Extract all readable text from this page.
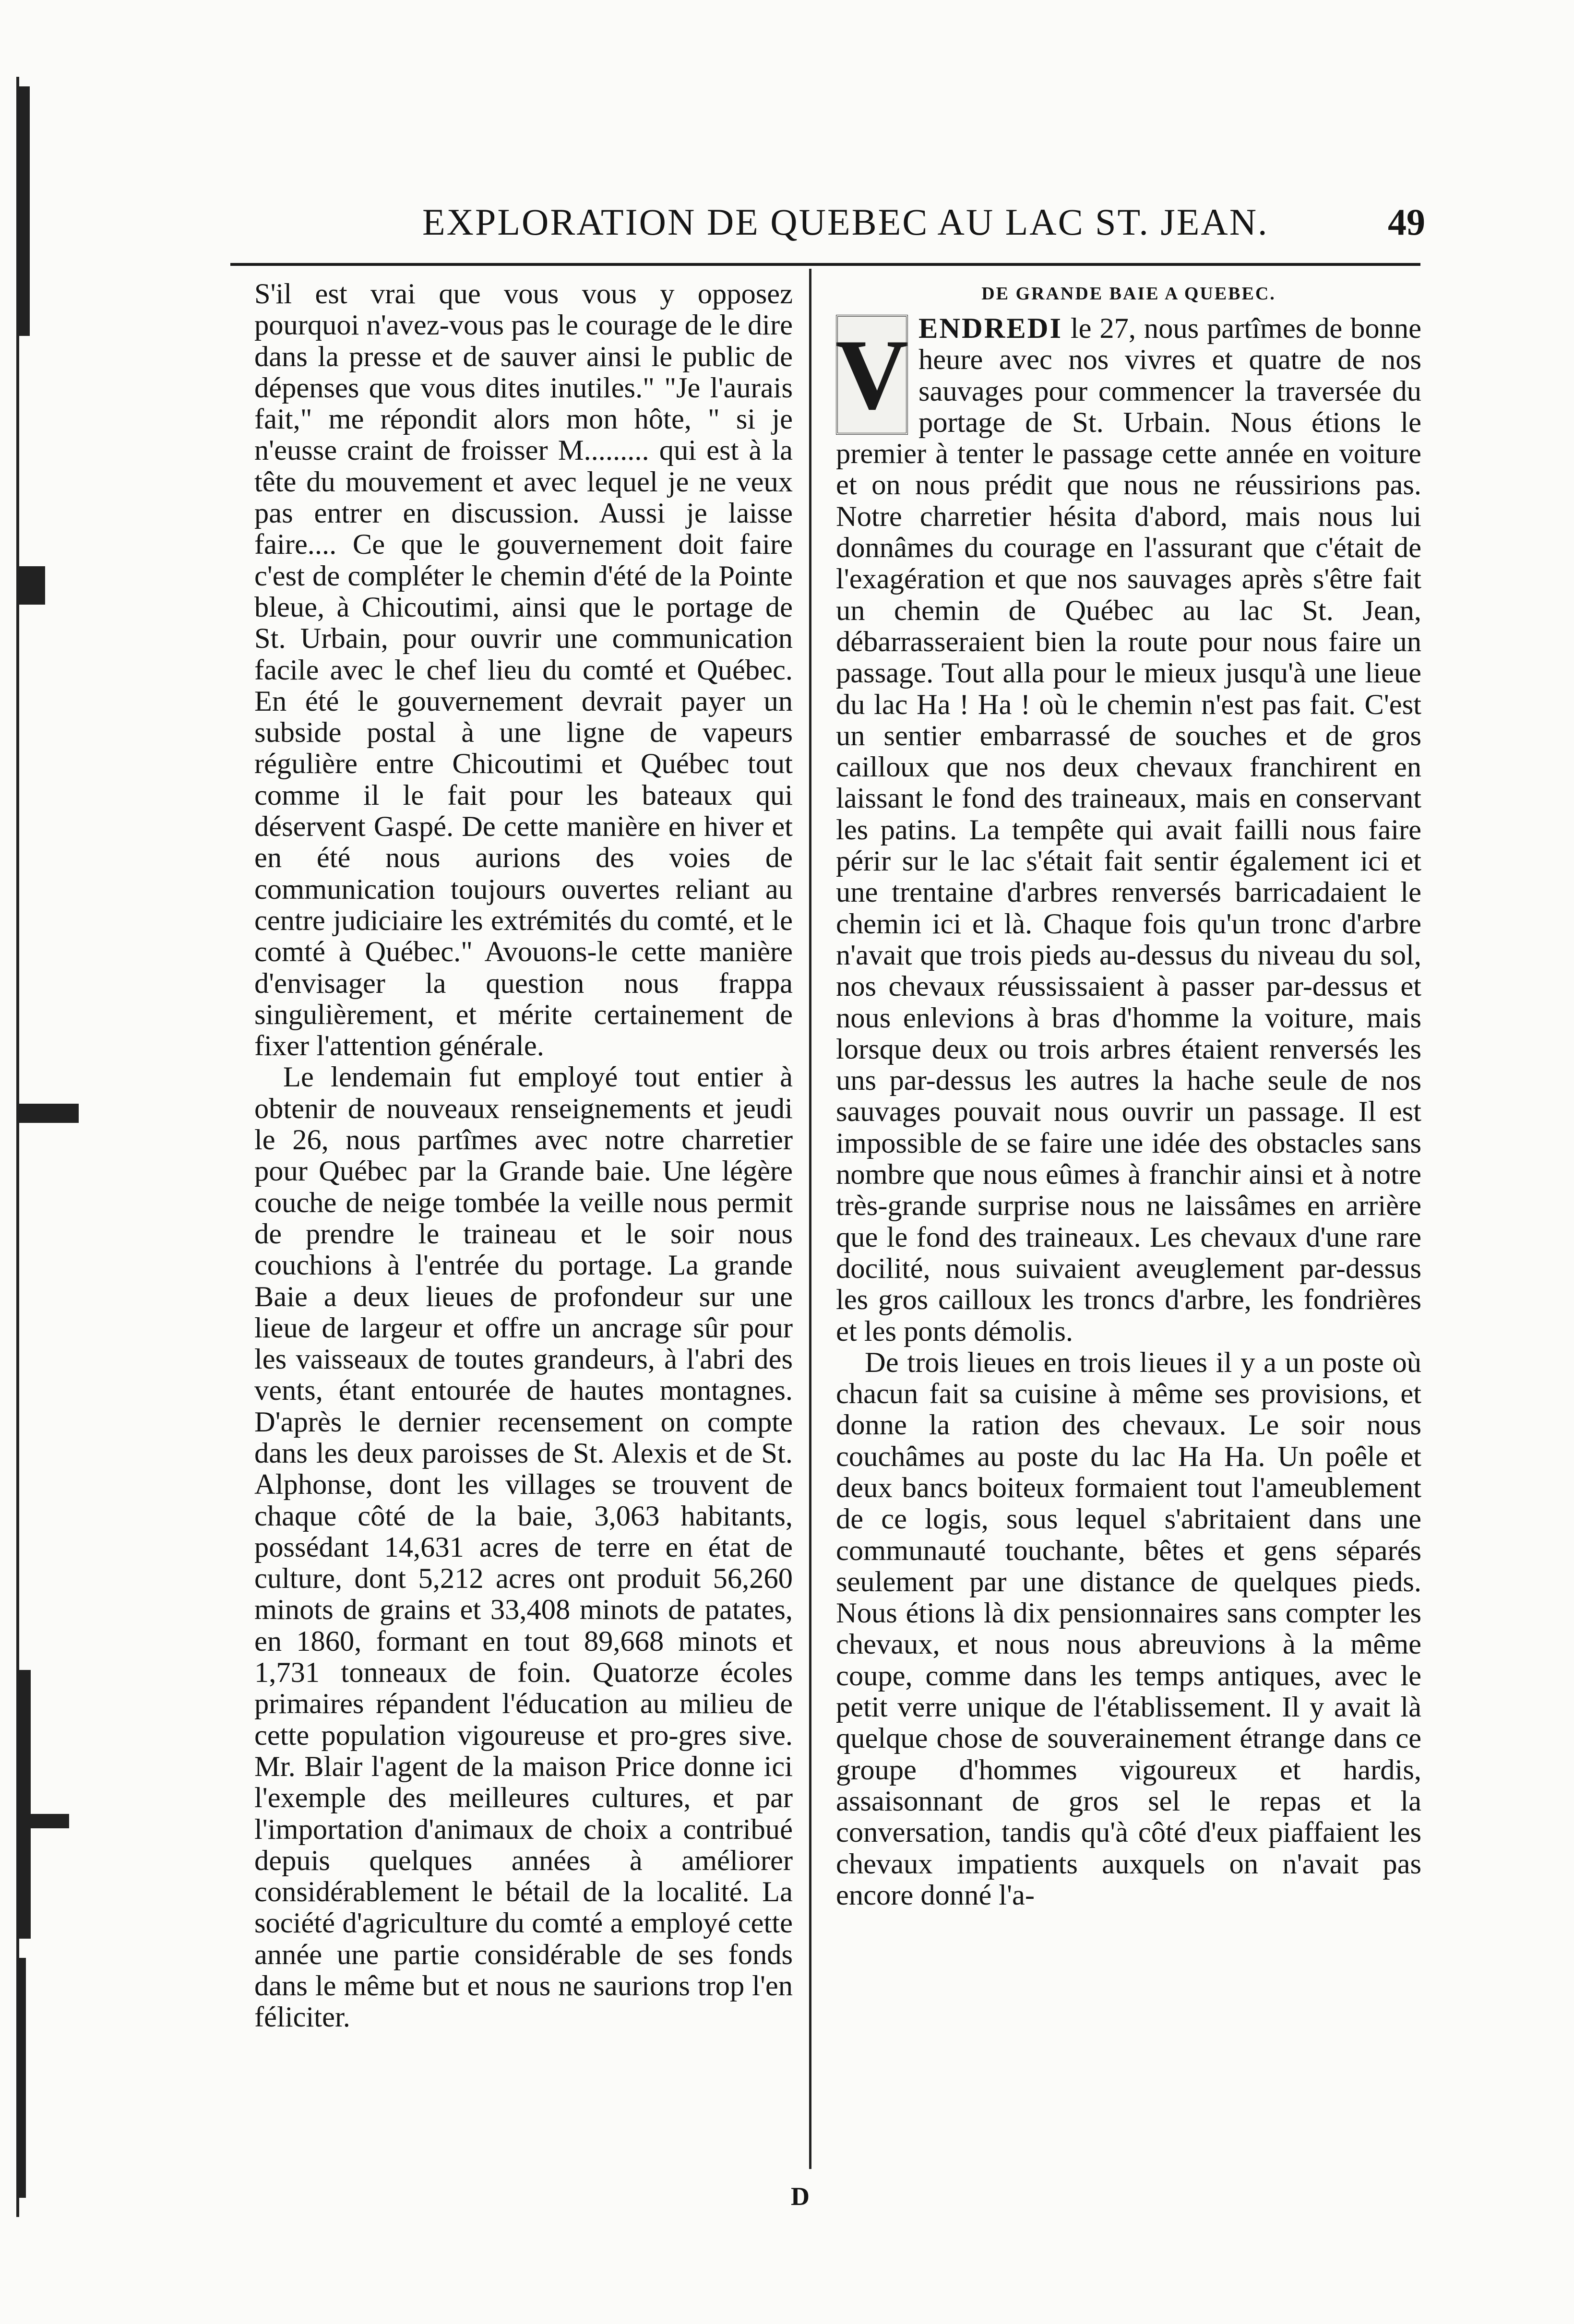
EXPLORATION DE QUEBEC AU LAC ST. JEAN.	49

S'il est vrai que vous vous y opposez pourquoi n'avez-vous pas le courage de le dire dans la presse et de sauver ainsi le public de dépenses que vous dites inutiles." "Je l'aurais fait," me répondit alors mon hôte, " si je n'eusse craint de froisser M......... qui est à la tête du mouvement et avec lequel je ne veux pas entrer en discussion. Aussi je laisse faire.... Ce que le gouvernement doit faire c'est de compléter le chemin d'été de la Pointe bleue, à Chicoutimi, ainsi que le portage de St. Urbain, pour ouvrir une communication facile avec le chef lieu du comté et Québec. En été le gouvernement devrait payer un subside postal à une ligne de vapeurs régulière entre Chicoutimi et Québec tout comme il le fait pour les bateaux qui déservent Gaspé. De cette manière en hiver et en été nous aurions des voies de communication toujours ouvertes reliant au centre judiciaire les extrémités du comté, et le comté à Québec." Avouons-le cette manière d'envisager la question nous frappa singulièrement, et mérite certainement de fixer l'attention générale.

Le lendemain fut employé tout entier à obtenir de nouveaux renseignements et jeudi le 26, nous partîmes avec notre charretier pour Québec par la Grande baie. Une légère couche de neige tombée la veille nous permit de prendre le traineau et le soir nous couchions à l'entrée du portage. La grande Baie a deux lieues de profondeur sur une lieue de largeur et offre un ancrage sûr pour les vaisseaux de toutes grandeurs, à l'abri des vents, étant entourée de hautes montagnes. D'après le dernier recensement on compte dans les deux paroisses de St. Alexis et de St. Alphonse, dont les villages se trouvent de chaque côté de la baie, 3,063 habitants, possédant 14,631 acres de terre en état de culture, dont 5,212 acres ont produit 56,260 minots de grains et 33,408 minots de patates, en 1860, formant en tout 89,668 minots et 1,731 tonneaux de foin. Quatorze écoles primaires répandent l'éducation au milieu de cette population vigoureuse et pro-gres sive. Mr. Blair l'agent de la maison Price donne ici l'exemple des meilleures cultures, et par l'importation d'animaux de choix a contribué depuis quelques années à améliorer considérablement le bétail de la localité. La société d'agriculture du comté a employé cette année une partie considérable de ses fonds dans le même but et nous ne saurions trop l'en féliciter.

DE GRANDE BAIE A QUEBEC.

V ENDREDI le 27, nous partîmes de bonne heure avec nos vivres et quatre de nos sauvages pour commencer la traversée du portage de St. Urbain. Nous étions le premier à tenter le passage cette année en voiture et on nous prédit que nous ne réussirions pas. Notre charretier hésita d'abord, mais nous lui donnâmes du courage en l'assurant que c'était de l'exagération et que nos sauvages après s'être fait un chemin de Québec au lac St. Jean, débarrasseraient bien la route pour nous faire un passage. Tout alla pour le mieux jusqu'à une lieue du lac Ha ! Ha ! où le chemin n'est pas fait. C'est un sentier embarrassé de souches et de gros cailloux que nos deux chevaux franchirent en laissant le fond des traineaux, mais en conservant les patins. La tempête qui avait failli nous faire périr sur le lac s'était fait sentir également ici et une trentaine d'arbres renversés barricadaient le chemin ici et là. Chaque fois qu'un tronc d'arbre n'avait que trois pieds au-dessus du niveau du sol, nos chevaux réussissaient à passer par-dessus et nous enlevions à bras d'homme la voiture, mais lorsque deux ou trois arbres étaient renversés les uns par-dessus les autres la hache seule de nos sauvages pouvait nous ouvrir un passage. Il est impossible de se faire une idée des obstacles sans nombre que nous eûmes à franchir ainsi et à notre très-grande surprise nous ne laissâmes en arrière que le fond des traineaux. Les chevaux d'une rare docilité, nous suivaient aveuglement par-dessus les gros cailloux les troncs d'arbre, les fondrières et les ponts démolis.

De trois lieues en trois lieues il y a un poste où chacun fait sa cuisine à même ses provisions, et donne la ration des chevaux. Le soir nous couchâmes au poste du lac Ha Ha. Un poêle et deux bancs boiteux formaient tout l'ameublement de ce logis, sous lequel s'abritaient dans une communauté touchante, bêtes et gens séparés seulement par une distance de quelques pieds. Nous étions là dix pensionnaires sans compter les chevaux, et nous nous abreuvions à la même coupe, comme dans les temps antiques, avec le petit verre unique de l'établissement. Il y avait là quelque chose de souverainement étrange dans ce groupe d'hommes vigoureux et hardis, assaisonnant de gros sel le repas et la conversation, tandis qu'à côté d'eux piaffaient les chevaux impatients auxquels on n'avait pas encore donné l'a-

D
